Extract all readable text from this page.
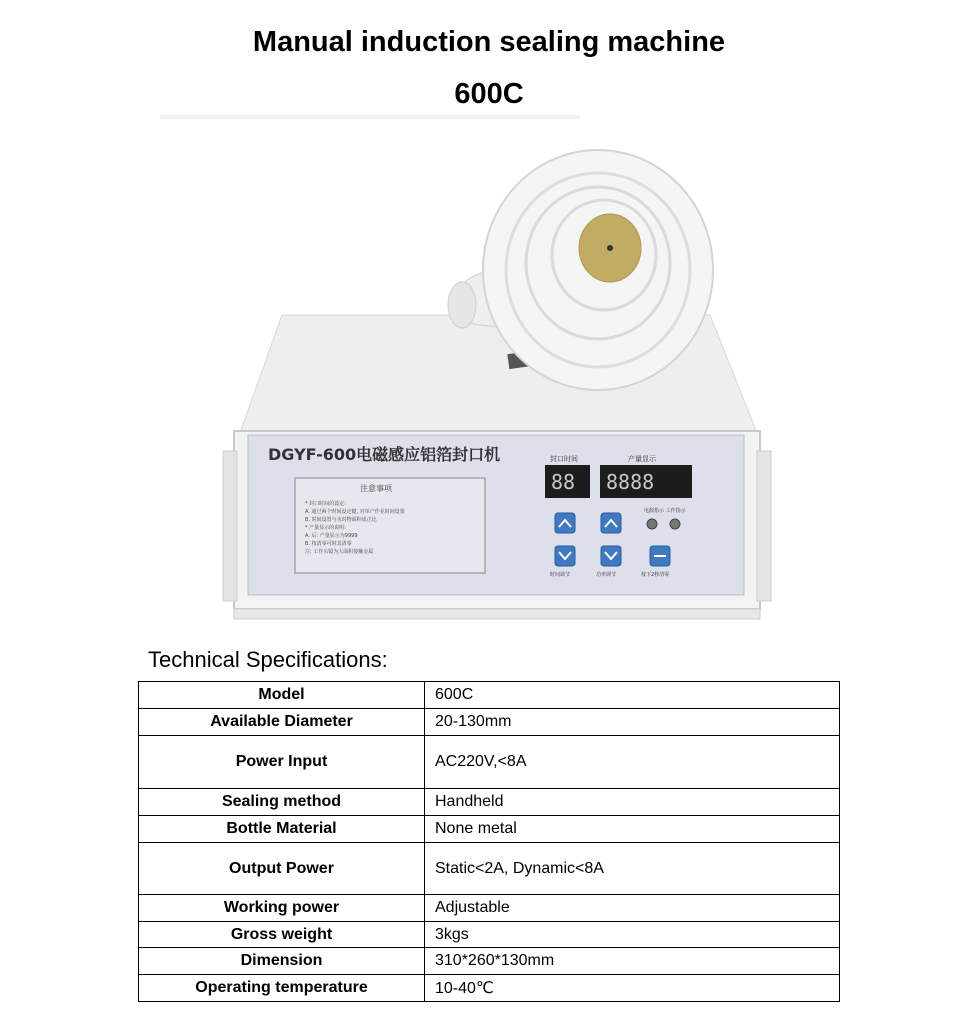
Manual induction sealing machine
600C
DGYF-600电磁感应铝箔封口机
注意事项
* 封口时间的设定:
A. 通过两个时间设定键, 对单产作业时间设置
B. 时间设置与水封物面积成正比
* 产量显示的说明:
A. 后: 产量显示为9999
B. 按清零可时其清零
注: 工作头镜为大面积接触金属
封口时间	产量显示
88 8888
电源指示 工作指示
时间调节	功率调节	按下2秒清零
Technical Specifications:
Model	600C
Available Diameter	20-130mm
Power Input	AC220V,<8A
Sealing method	Handheld
Bottle Material	None metal
Output Power	Static<2A, Dynamic<8A
Working power	Adjustable
Gross weight	3kgs
Dimension	310*260*130mm
Operating temperature	10-40℃
